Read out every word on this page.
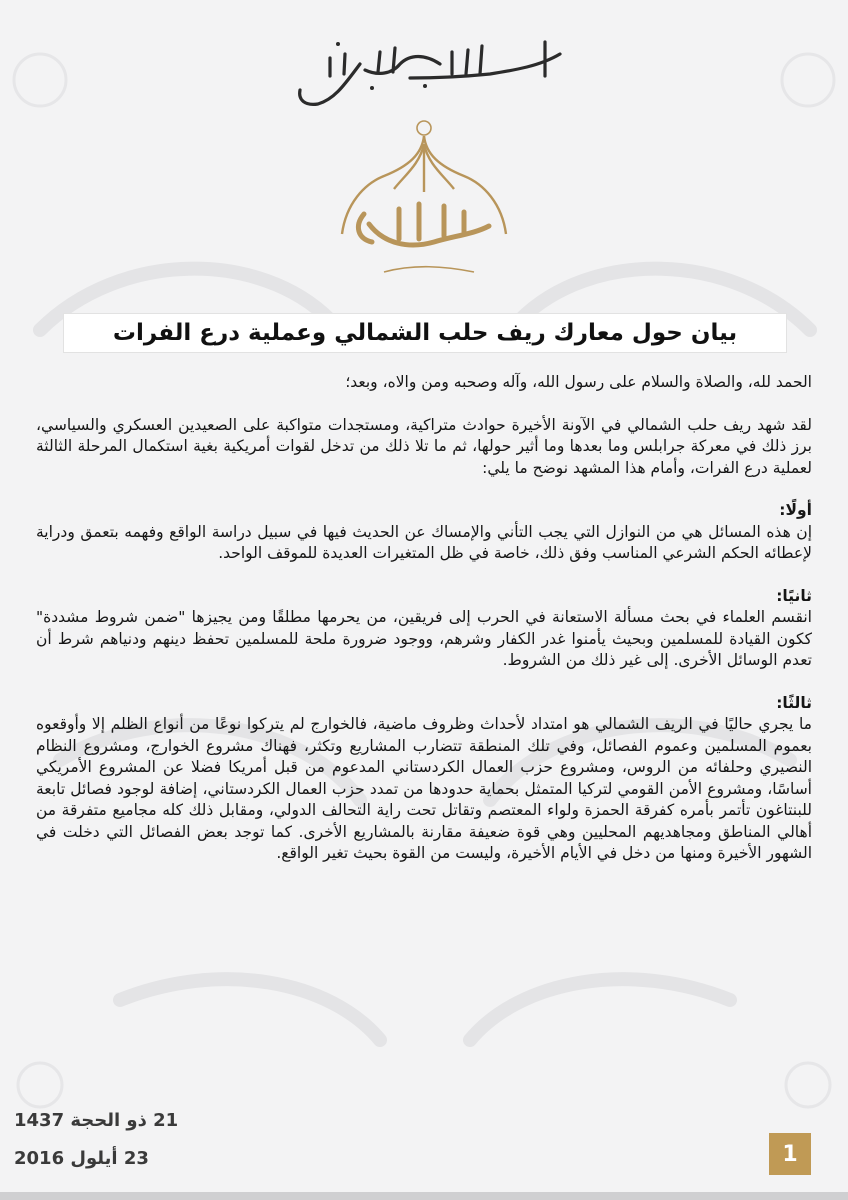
بسم الله الرحمن الرحيم
جبهة فتح الشام
نصر من الله وفتح قريب
بيان حول معارك ريف حلب الشمالي وعملية درع الفرات

الحمد لله، والصلاة والسلام على رسول الله، وآله وصحبه ومن والاه، وبعد؛

لقد شهد ريف حلب الشمالي في الآونة الأخيرة حوادث متراكية، ومستجدات متواكبة على الصعيدين العسكري والسياسي، برز ذلك في معركة جرابلس وما بعدها وما أثير حولها، ثم ما تلا ذلك من تدخل لقوات أمريكية بغية استكمال المرحلة الثالثة لعملية درع الفرات، وأمام هذا المشهد نوضح ما يلي:

أولًا:

إن هذه المسائل هي من النوازل التي يجب التأني والإمساك عن الحديث فيها في سبيل دراسة الواقع وفهمه بتعمق ودراية لإعطائه الحكم الشرعي المناسب وفق ذلك، خاصة في ظل المتغيرات العديدة للموقف الواحد.

ثانيًا:

انقسم العلماء في بحث مسألة الاستعانة في الحرب إلى فريقين، من يحرمها مطلقًا ومن يجيزها "ضمن شروط مشددة" ككون القيادة للمسلمين وبحيث يأمنوا غدر الكفار وشرهم، ووجود ضرورة ملحة للمسلمين تحفظ دينهم ودنياهم شرط أن تعدم الوسائل الأخرى. إلى غير ذلك من الشروط.

ثالثًا:

ما يجري حاليًا في الريف الشمالي هو امتداد لأحداث وظروف ماضية، فالخوارج لم يتركوا نوعًا من أنواع الظلم إلا وأوقعوه بعموم المسلمين وعموم الفصائل، وفي تلك المنطقة تتضارب المشاريع وتكثر، فهناك مشروع الخوارج، ومشروع النظام النصيري وحلفائه من الروس، ومشروع حزب العمال الكردستاني المدعوم من قبل أمريكا فضلا عن المشروع الأمريكي أساسًا، ومشروع الأمن القومي لتركيا المتمثل بحماية حدودها من تمدد حزب العمال الكردستاني، إضافة لوجود فصائل تابعة للبنتاغون تأتمر بأمره كفرقة الحمزة ولواء المعتصم وتقاتل تحت راية التحالف الدولي، ومقابل ذلك كله مجاميع متفرقة من أهالي المناطق ومجاهديهم المحليين وهي قوة ضعيفة مقارنة بالمشاريع الأخرى. كما توجد بعض الفصائل التي دخلت في الشهور الأخيرة ومنها من دخل في الأيام الأخيرة، وليست من القوة بحيث تغير الواقع.

21 ذو الحجة 1437
23 أيلول 2016	1
